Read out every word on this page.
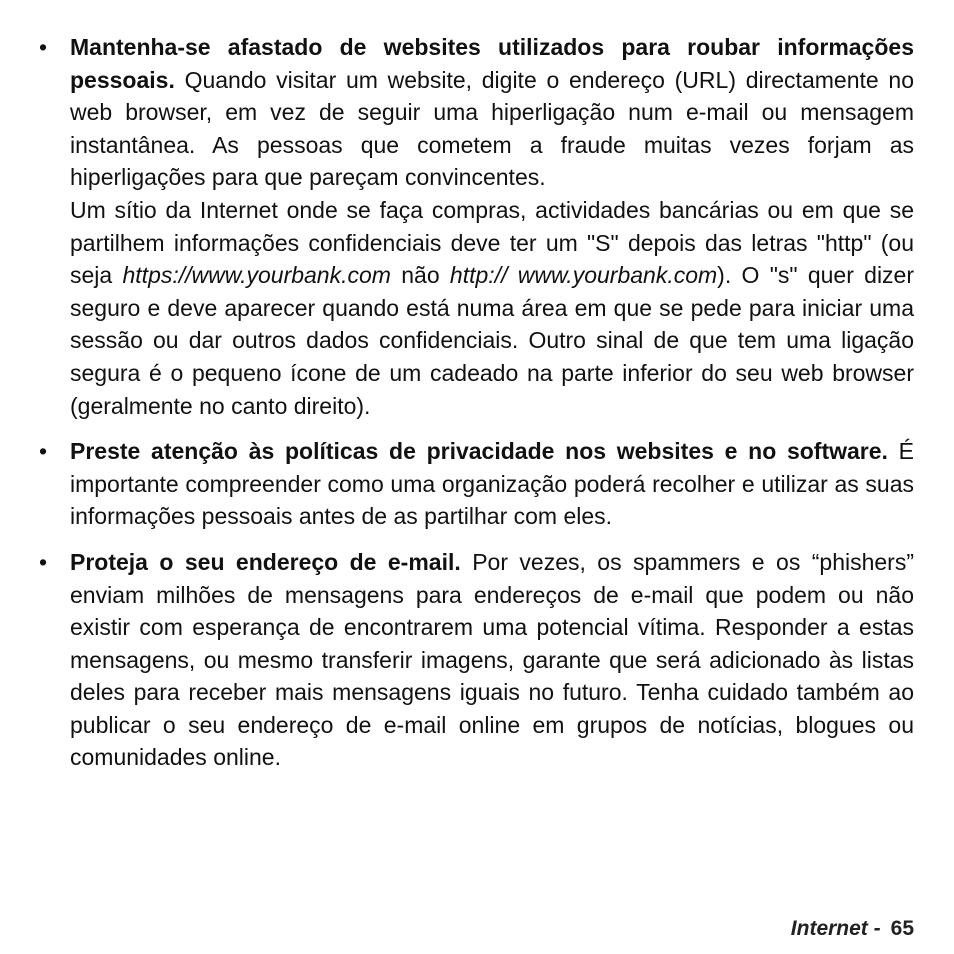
• Mantenha-se afastado de websites utilizados para roubar informações pessoais. Quando visitar um website, digite o endereço (URL) directamente no web browser, em vez de seguir uma hiperligação num e-mail ou mensagem instantânea. As pessoas que cometem a fraude muitas vezes forjam as hiperligações para que pareçam convincentes.

Um sítio da Internet onde se faça compras, actividades bancárias ou em que se partilhem informações confidenciais deve ter um "S" depois das letras "http" (ou seja https://www.yourbank.com não http:// www.yourbank.com). O "s" quer dizer seguro e deve aparecer quando está numa área em que se pede para iniciar uma sessão ou dar outros dados confidenciais. Outro sinal de que tem uma ligação segura é o pequeno ícone de um cadeado na parte inferior do seu web browser (geralmente no canto direito).

• Preste atenção às políticas de privacidade nos websites e no software. É importante compreender como uma organização poderá recolher e utilizar as suas informações pessoais antes de as partilhar com eles.

• Proteja o seu endereço de e-mail. Por vezes, os spammers e os “phishers” enviam milhões de mensagens para endereços de e-mail que podem ou não existir com esperança de encontrarem uma potencial vítima. Responder a estas mensagens, ou mesmo transferir imagens, garante que será adicionado às listas deles para receber mais mensagens iguais no futuro. Tenha cuidado também ao publicar o seu endereço de e-mail online em grupos de notícias, blogues ou comunidades online.

Internet - 65
